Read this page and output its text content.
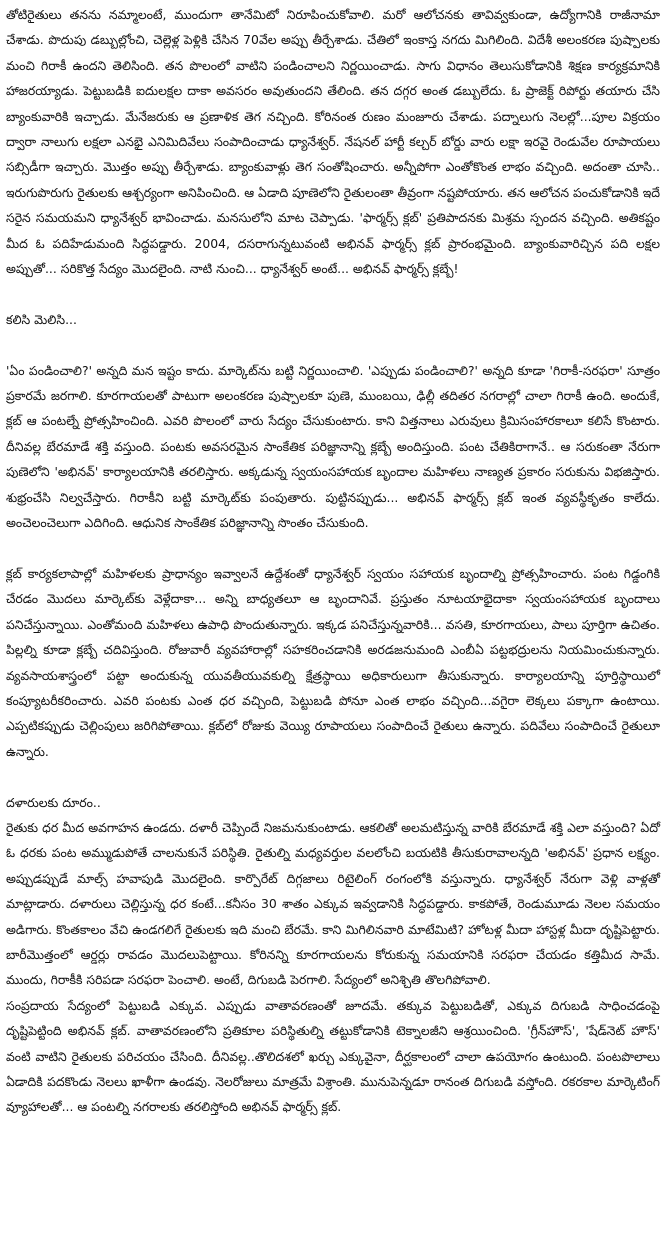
తోటిరైతులు తనను నమ్మాలంటే, ముందుగా తానేమిటో నిరూపించుకోవాలి. మరో ఆలోచనకు తావివ్వకుండా, ఉద్యోగానికి రాజీనామా చేశాడు. పొదుపు డబ్బుల్లోంచి, చెల్లెళ్ల పెళ్లికి చేసిన 70వేల అప్పు తీర్చేశాడు. చేతిలో ఇంకాస్త నగదు మిగిలింది. విదేశీ అలంకరణ పుష్పాలకు మంచి గిరాకీ ఉందని తెలిసింది. తన పొలంలో వాటిని పండించాలని నిర్ణయించాడు. సాగు విధానం తెలుసుకోడానికి శిక్షణ కార్యక్రమానికి హాజరయ్యాడు. పెట్టుబడికి ఐదులక్షల దాకా అవసరం అవుతుందని తేలింది. తన దగ్గర అంత డబ్బులేదు. ఓ ప్రాజెక్ట్ రిపోర్టు తయారు చేసి బ్యాంకువారికి ఇచ్చాడు. మేనేజరుకు ఆ ప్రణాళిక తెగ నచ్చింది. కోరినంత రుణం మంజూరు చేశాడు. పద్నాలుగు నెలల్లో...పూల విక్రయం ద్వారా నాలుగు లక్షలా ఎనభై ఎనిమిదివేలు సంపాదించాడు ధ్యానేశ్వర్. నేషనల్ హార్టీ కల్చర్ బోర్డు వారు లక్షా ఇరవై రెండువేల రూపాయలు సబ్సిడీగా ఇచ్చారు. మొత్తం అప్పు తీర్చేశాడు. బ్యాంకువాళ్లు తెగ సంతోషించారు. అన్నీపోగా ఎంతోకొంత లాభం వచ్చింది. అదంతా చూసి.. ఇరుగుపొరుగు రైతులకు ఆశ్చర్యంగా అనిపించింది. ఆ ఏడాది పూణెలోని రైతులంతా తీవ్రంగా నష్టపోయారు. తన ఆలోచన పంచుకోడానికి ఇదే సరైన సమయమని ధ్యానేశ్వర్ భావించాడు. మనసులోని మాట చెప్పాడు. 'ఫార్మర్స్ క్లబ్' ప్రతిపాదనకు మిశ్రమ స్పందన వచ్చింది. అతికష్టం మీద ఓ పదిహేడుమంది సిద్ధపడ్డారు. 2004, దసరాగున్నటువంటి అభినవ్ ఫార్మర్స్ క్లబ్ ప్రారంభమైంది. బ్యాంకువారిచ్చిన పది లక్షల అప్పుతో... సరికొత్త సేద్యం మొదలైంది. నాటి నుంచి... ధ్యానేశ్వర్ అంటే... అభినవ్ ఫార్మర్స్ క్లబ్బే!

కలిసి మెలిసి...

'ఏం పండించాలి?' అన్నది మన ఇష్టం కాదు. మార్కెట్‌ను బట్టి నిర్ణయించాలి. 'ఎప్పుడు పండించాలి?' అన్నది కూడా 'గిరాకీ-సరఫరా' సూత్రం ప్రకారమే జరగాలి. కూరగాయలతో పాటుగా అలంకరణ పుష్పాలకూ పుణె, ముంబయి, ఢిల్లీ తదితర నగరాల్లో చాలా గిరాకీ ఉంది. అందుకే, క్లబ్ ఆ పంటల్నే ప్రోత్సహించింది. ఎవరి పొలంలో వారు సేద్యం చేసుకుంటారు. కాని విత్తనాలు ఎరువులు క్రిమిసంహారకాలూ కలిసే కొంటారు. దీనివల్ల బేరమాడే శక్తి వస్తుంది. పంటకు అవసరమైన సాంకేతిక పరిజ్ఞానాన్ని క్లబ్బే అందిస్తుంది. పంట చేతికిరాగానే.. ఆ సరుకంతా నేరుగా పుణెలోని 'అభినవ్' కార్యాలయానికి తరలిస్తారు. అక్కడున్న స్వయంసహాయక బృందాల మహిళలు నాణ్యత ప్రకారం సరుకును విభజిస్తారు. శుభ్రంచేసి నిల్వచేస్తారు. గిరాకీని బట్టి మార్కెట్‌కు పంపుతారు. పుట్టినప్పుడు... అభినవ్ ఫార్మర్స్ క్లబ్ ఇంత వ్యవస్థీకృతం కాలేదు. అంచెలంచెలుగా ఎదిగింది. ఆధునిక సాంకేతిక పరిజ్ఞానాన్ని సొంతం చేసుకుంది.

క్లబ్ కార్యకలాపాల్లో మహిళలకు ప్రాధాన్యం ఇవ్వాలనే ఉద్దేశంతో ధ్యానేశ్వర్ స్వయం సహాయక బృందాల్ని ప్రోత్సహించారు. పంట గిడ్డంగికి చేరడం మొదలు మార్కెట్‌కు వెళ్లేదాకా... అన్ని బాధ్యతలూ ఆ బృందానివే. ప్రస్తుతం నూటయాభైదాకా స్వయంసహాయక బృందాలు పనిచేస్తున్నాయి. ఎంతోమంది మహిళలు ఉపాధి పొందుతున్నారు. ఇక్కడ పనిచేస్తున్నవారికి... వసతి, కూరగాయలు, పాలు పూర్తిగా ఉచితం. పిల్లల్ని కూడా క్లబ్బే చదివిస్తుంది. రోజువారీ వ్యవహారాల్లో సహకరించడానికి అరడజనుమంది ఎంబీఏ పట్టభద్రులను నియమించుకున్నారు. వ్యవసాయశాస్త్రంలో పట్టా అందుకున్న యువతీయువకుల్ని క్షేత్రస్థాయి అధికారులుగా తీసుకున్నారు. కార్యాలయాన్ని పూర్తిస్థాయిలో కంప్యూటరీకరించారు. ఎవరి పంటకు ఎంత ధర వచ్చింది, పెట్టుబడి పోనూ ఎంత లాభం వచ్చింది...వగైరా లెక్కలు పక్కాగా ఉంటాయి. ఎప్పటికప్పుడు చెల్లింపులు జరిగిపోతాయి. క్లబ్‌లో రోజుకు వెయ్యి రూపాయలు సంపాదించే రైతులు ఉన్నారు. పదివేలు సంపాదించే రైతులూ ఉన్నారు.

దళారులకు దూరం..

రైతుకు ధర మీద అవగాహన ఉండదు. దళారీ చెప్పిందే నిజమనుకుంటాడు. ఆకలితో అలమటిస్తున్న వారికి బేరమాడే శక్తి ఎలా వస్తుంది? ఏదో ఓ ధరకు పంట అమ్ముడుపోతే చాలనుకునే పరిస్థితి. రైతుల్ని మధ్యవర్తుల వలలోంచి బయటికి తీసుకురావాలన్నది 'అభినవ్' ప్రధాన లక్ష్యం. అప్పుడప్పుడే మాల్స్ హవాపుడి మొదలైంది. కార్పొరేట్ దిగ్గజాలు రిటైలింగ్ రంగంలోకి వస్తున్నారు. ధ్యానేశ్వర్ నేరుగా వెళ్లి వాళ్లతో మాట్లాడారు. దళారులు చెల్లిస్తున్న ధర కంటే...కనీసం 30 శాతం ఎక్కువ ఇవ్వడానికి సిద్ధపడ్డారు. కాకపోతే, రెండుమూడు నెలల సమయం అడిగారు. కొంతకాలం వేచి ఉండగలిగే రైతులకు ఇది మంచి బేరమే. కాని మిగిలినవారి మాటేమిటి? హోటళ్ల మీదా హాస్టళ్ల మీదా దృష్టిపెట్టారు. బారీమొత్తంలో ఆర్డర్లు రావడం మొదలుపెట్టాయి. కోరినన్ని కూరగాయలను కోరుకున్న సమయానికి సరఫరా చేయడం కత్తిమీద సామే. ముందు, గిరాకీకి సరిపడా సరఫరా పెంచాలి. అంటే, దిగుబడి పెరగాలి. సేద్యంలో అనిశ్చితి తొలగిపోవాలి.

సంప్రదాయ సేద్యంలో పెట్టుబడి ఎక్కువ. ఎప్పుడు వాతావరణంతో జూదమే. తక్కువ పెట్టుబడితో, ఎక్కువ దిగుబడి సాధించడంపై దృష్టిపెట్టింది అభినవ్ క్లబ్. వాతావరణంలోని ప్రతికూల పరిస్థితుల్ని తట్టుకోడానికి టెక్నాలజీని ఆశ్రయించింది. 'గ్రీన్‌హౌస్', 'షేడ్‌నెట్ హౌస్' వంటి వాటిని రైతులకు పరిచయం చేసింది. దీనివల్ల..తొలిదశలో ఖర్చు ఎక్కువైనా, దీర్ఘకాలంలో చాలా ఉపయోగం ఉంటుంది. పంటపొలాలు ఏడాదికి పదకొండు నెలలు ఖాళీగా ఉండవు. నెలరోజులు మాత్రమే విశ్రాంతి. మునుపెన్నడూ రానంత దిగుబడి వస్తోంది. రకరకాల మార్కెటింగ్ వ్యూహాలతో... ఆ పంటల్ని నగరాలకు తరలిస్తోంది అభినవ్ ఫార్మర్స్ క్లబ్.
